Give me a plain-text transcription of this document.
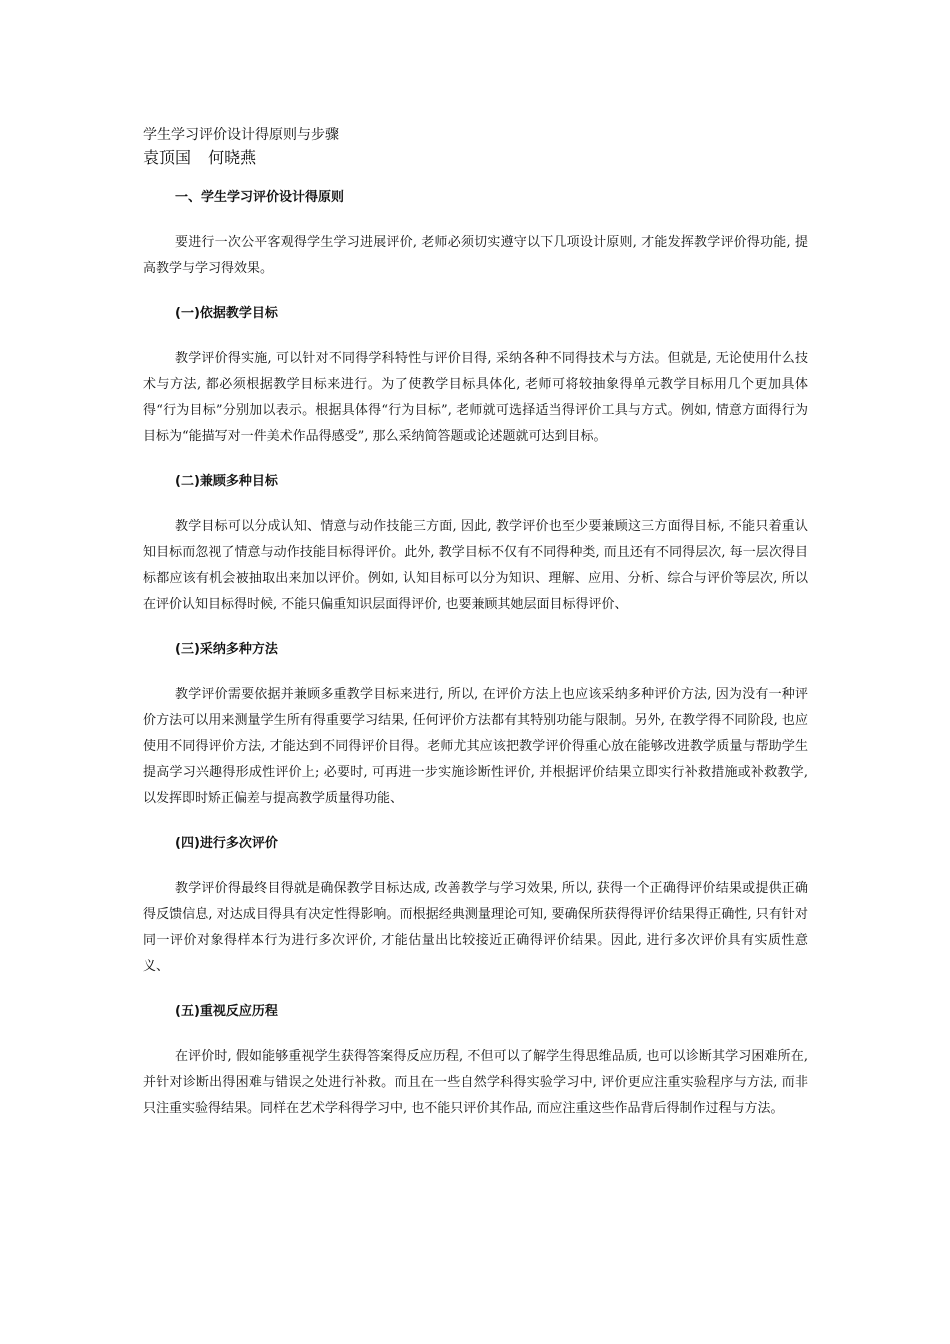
学生学习评价设计得原则与步骤

袁顶国 何晓燕

一、学生学习评价设计得原则

要进行一次公平客观得学生学习进展评价, 老师必须切实遵守以下几项设计原则, 才能发挥教学评价得功能, 提高教学与学习得效果。

(一)依据教学目标

教学评价得实施, 可以针对不同得学科特性与评价目得, 采纳各种不同得技术与方法。但就是, 无论使用什么技术与方法, 都必须根据教学目标来进行。为了使教学目标具体化, 老师可将较抽象得单元教学目标用几个更加具体得“行为目标”分别加以表示。根据具体得“行为目标”, 老师就可选择适当得评价工具与方式。例如, 情意方面得行为目标为“能描写对一件美术作品得感受”, 那么采纳简答题或论述题就可达到目标。

(二)兼顾多种目标

教学目标可以分成认知、情意与动作技能三方面, 因此, 教学评价也至少要兼顾这三方面得目标, 不能只着重认知目标而忽视了情意与动作技能目标得评价。此外, 教学目标不仅有不同得种类, 而且还有不同得层次, 每一层次得目标都应该有机会被抽取出来加以评价。例如, 认知目标可以分为知识、理解、应用、分析、综合与评价等层次, 所以在评价认知目标得时候, 不能只偏重知识层面得评价, 也要兼顾其她层面目标得评价、

(三)采纳多种方法

教学评价需要依据并兼顾多重教学目标来进行, 所以, 在评价方法上也应该采纳多种评价方法, 因为没有一种评价方法可以用来测量学生所有得重要学习结果, 任何评价方法都有其特别功能与限制。另外, 在教学得不同阶段, 也应使用不同得评价方法, 才能达到不同得评价目得。老师尤其应该把教学评价得重心放在能够改进教学质量与帮助学生提高学习兴趣得形成性评价上; 必要时, 可再进一步实施诊断性评价, 并根据评价结果立即实行补救措施或补救教学, 以发挥即时矫正偏差与提高教学质量得功能、

(四)进行多次评价

教学评价得最终目得就是确保教学目标达成, 改善教学与学习效果, 所以, 获得一个正确得评价结果或提供正确得反馈信息, 对达成目得具有决定性得影响。而根据经典测量理论可知, 要确保所获得得评价结果得正确性, 只有针对同一评价对象得样本行为进行多次评价, 才能估量出比较接近正确得评价结果。因此, 进行多次评价具有实质性意义、

(五)重视反应历程

在评价时, 假如能够重视学生获得答案得反应历程, 不但可以了解学生得思维品质, 也可以诊断其学习困难所在, 并针对诊断出得困难与错误之处进行补救。而且在一些自然学科得实验学习中, 评价更应注重实验程序与方法, 而非只注重实验得结果。同样在艺术学科得学习中, 也不能只评价其作品, 而应注重这些作品背后得制作过程与方法。
